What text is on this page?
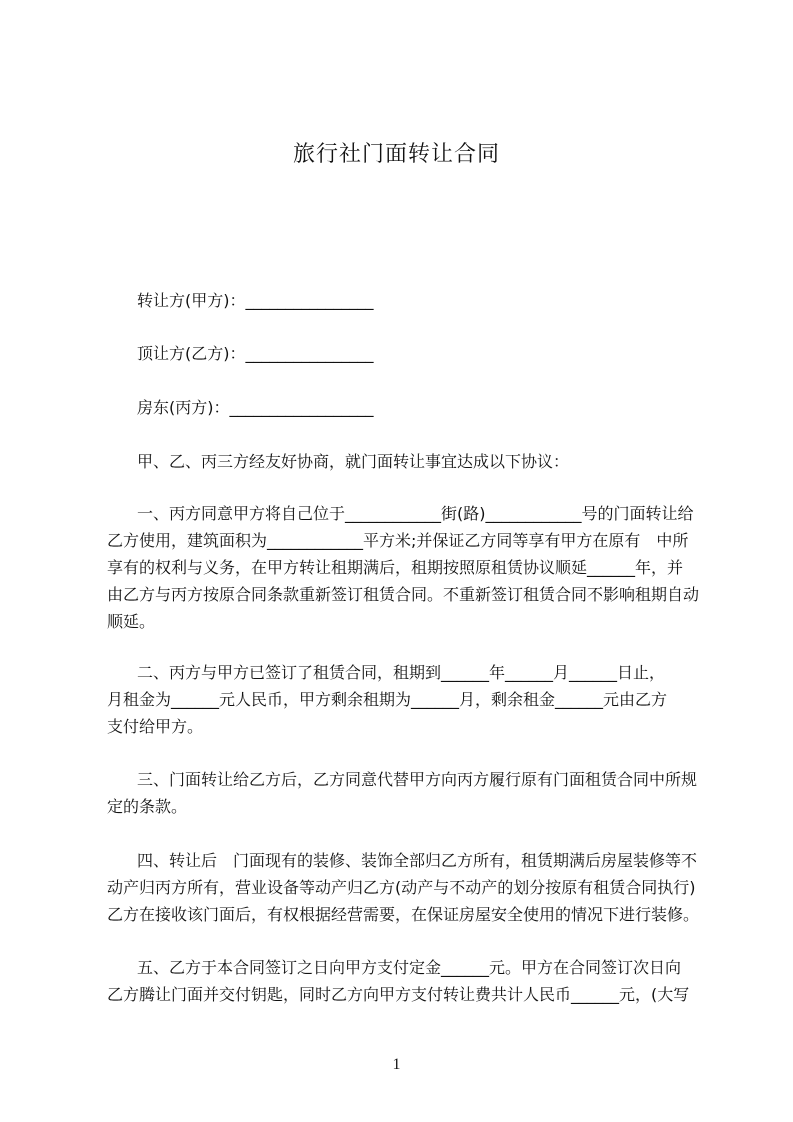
旅行社门面转让合同
转让方(甲方)：________________
顶让方(乙方)：________________
房东(丙方)：__________________
甲、乙、丙三方经友好协商，就门面转让事宜达成以下协议：
一、丙方同意甲方将自己位于____________街(路)____________号的门面转让给
乙方使用，建筑面积为____________平方米;并保证乙方同等享有甲方在原有　中所
享有的权利与义务，在甲方转让租期满后，租期按照原租赁协议顺延______年，并
由乙方与丙方按原合同条款重新签订租赁合同。不重新签订租赁合同不影响租期自动
顺延。
二、丙方与甲方已签订了租赁合同，租期到______年______月______日止，
月租金为______元人民币，甲方剩余租期为______月，剩余租金______元由乙方
支付给甲方。
三、门面转让给乙方后，乙方同意代替甲方向丙方履行原有门面租赁合同中所规
定的条款。
四、转让后　门面现有的装修、装饰全部归乙方所有，租赁期满后房屋装修等不
动产归丙方所有，营业设备等动产归乙方(动产与不动产的划分按原有租赁合同执行)
乙方在接收该门面后，有权根据经营需要，在保证房屋安全使用的情况下进行装修。
五、乙方于本合同签订之日向甲方支付定金______元。甲方在合同签订次日向
乙方腾让门面并交付钥匙，同时乙方向甲方支付转让费共计人民币______元，(大写
1
